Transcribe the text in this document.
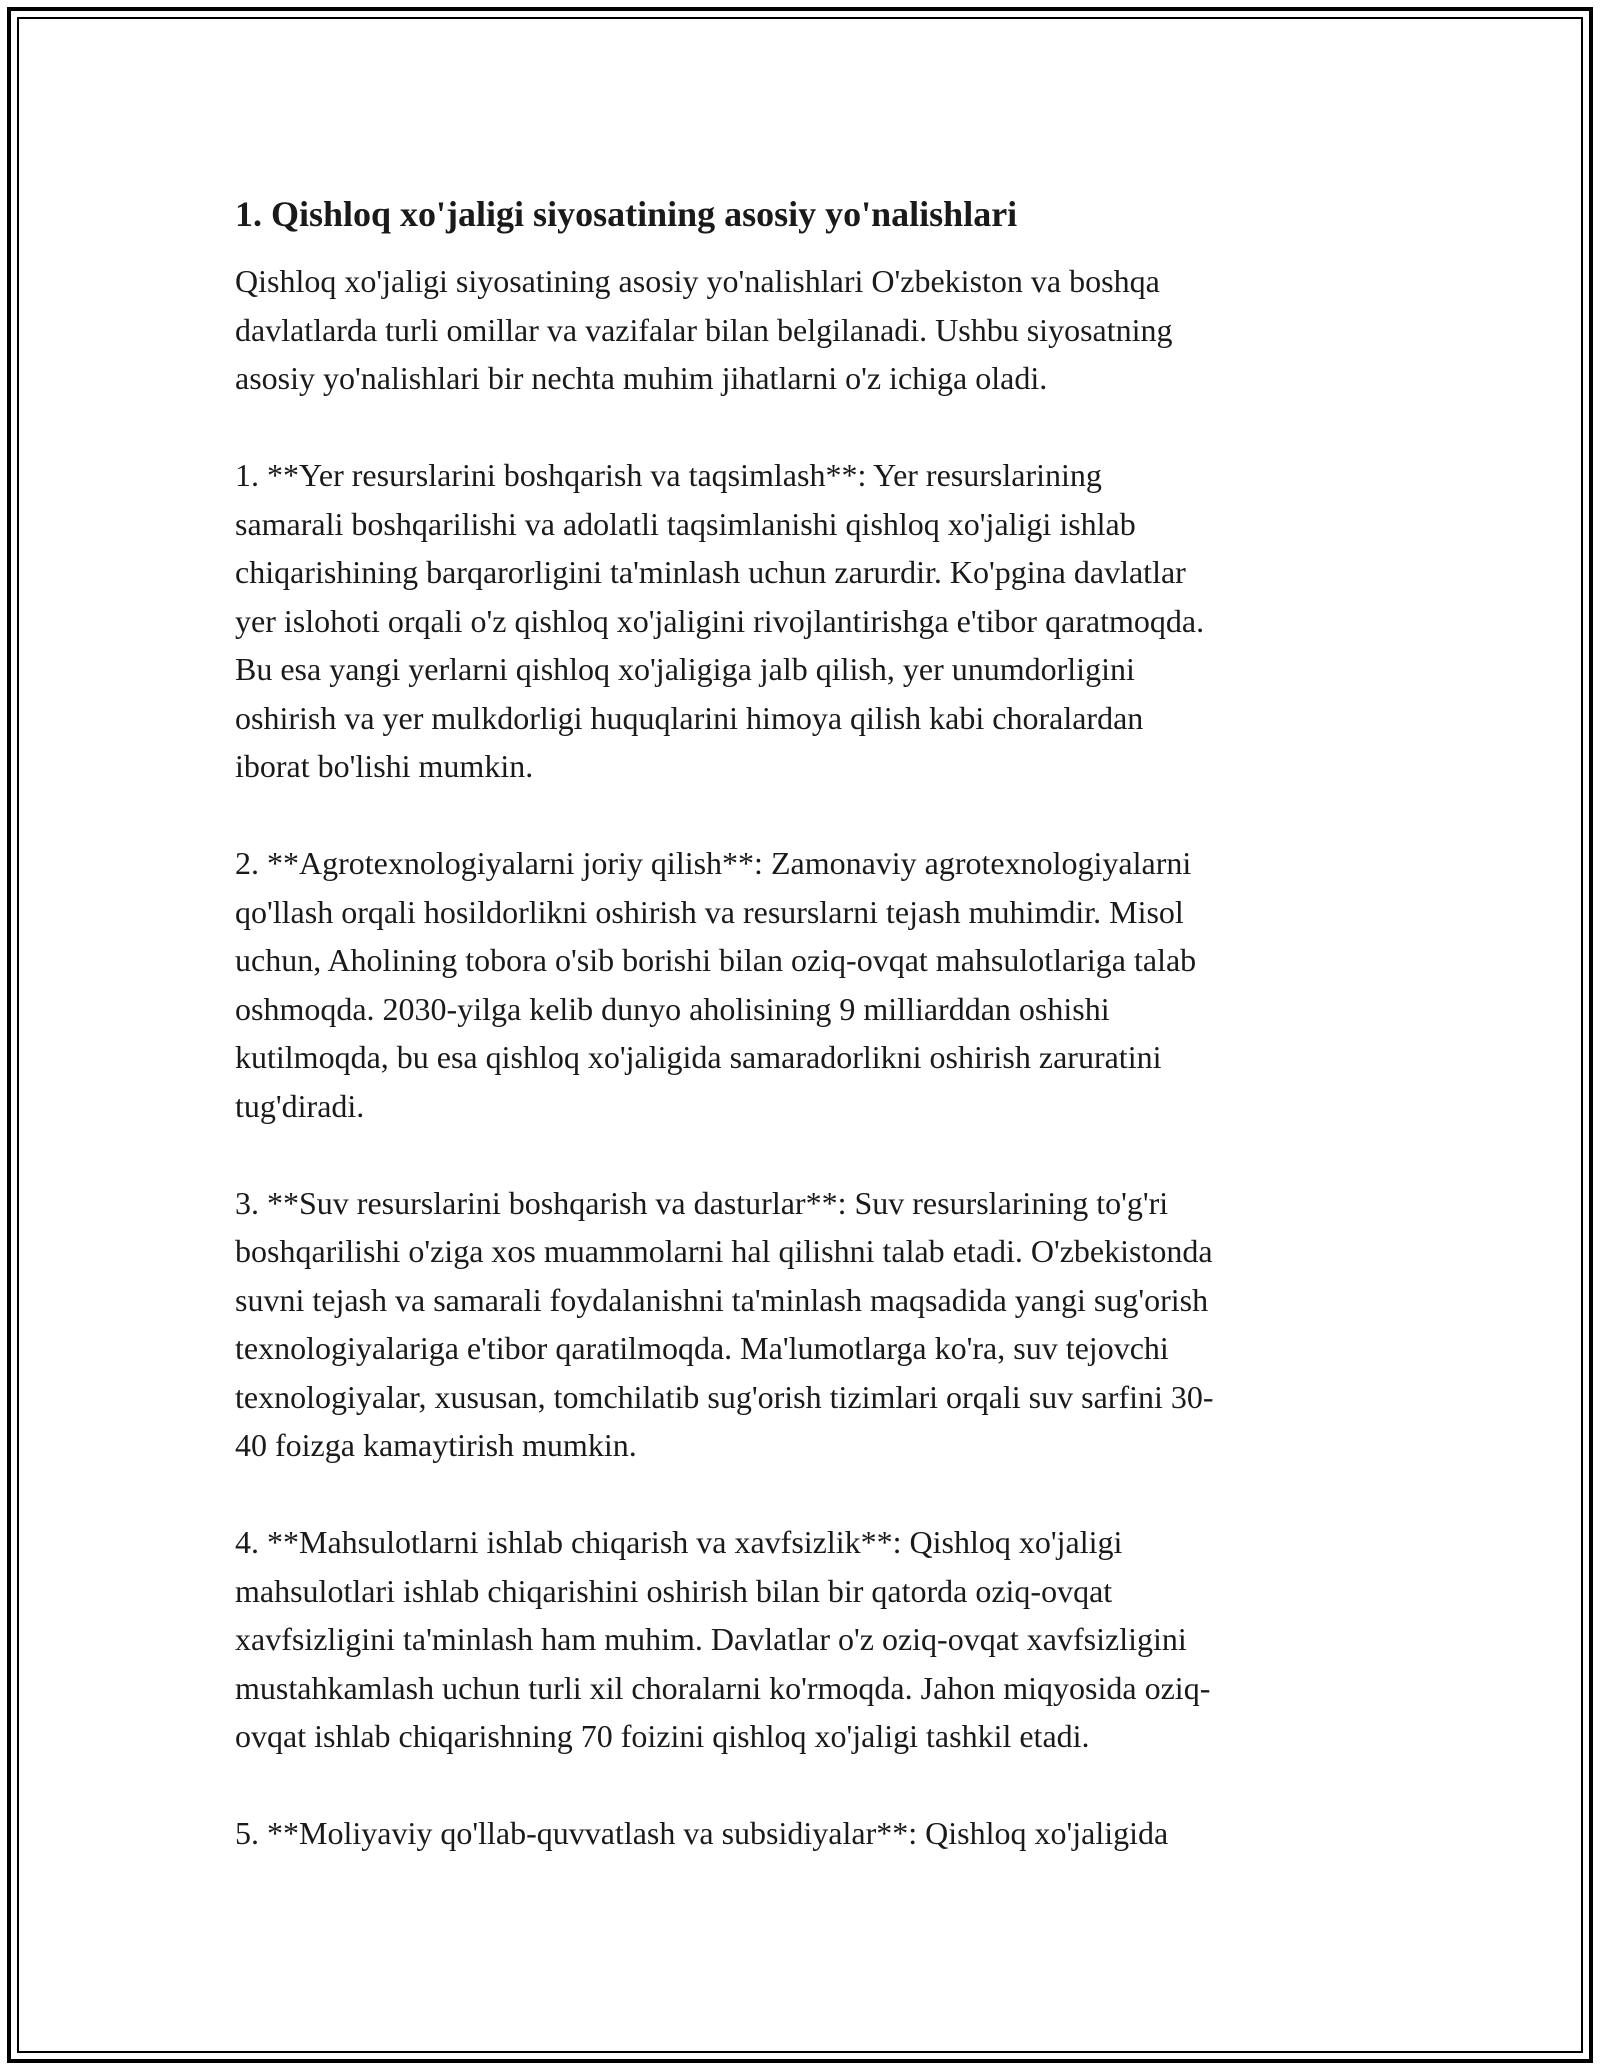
1. Qishloq xo'jaligi siyosatining asosiy yo'nalishlari

Qishloq xo'jaligi siyosatining asosiy yo'nalishlari O'zbekiston va boshqa
davlatlarda turli omillar va vazifalar bilan belgilanadi. Ushbu siyosatning
asosiy yo'nalishlari bir nechta muhim jihatlarni o'z ichiga oladi.

1. **Yer resurslarini boshqarish va taqsimlash**: Yer resurslarining
samarali boshqarilishi va adolatli taqsimlanishi qishloq xo'jaligi ishlab
chiqarishining barqarorligini ta'minlash uchun zarurdir. Ko'pgina davlatlar
yer islohoti orqali o'z qishloq xo'jaligini rivojlantirishga e'tibor qaratmoqda.
Bu esa yangi yerlarni qishloq xo'jaligiga jalb qilish, yer unumdorligini
oshirish va yer mulkdorligi huquqlarini himoya qilish kabi choralardan
iborat bo'lishi mumkin.

2. **Agrotexnologiyalarni joriy qilish**: Zamonaviy agrotexnologiyalarni
qo'llash orqali hosildorlikni oshirish va resurslarni tejash muhimdir. Misol
uchun, Aholining tobora o'sib borishi bilan oziq-ovqat mahsulotlariga talab
oshmoqda. 2030-yilga kelib dunyo aholisining 9 milliarddan oshishi
kutilmoqda, bu esa qishloq xo'jaligida samaradorlikni oshirish zaruratini
tug'diradi.

3. **Suv resurslarini boshqarish va dasturlar**: Suv resurslarining to'g'ri
boshqarilishi o'ziga xos muammolarni hal qilishni talab etadi. O'zbekistonda
suvni tejash va samarali foydalanishni ta'minlash maqsadida yangi sug'orish
texnologiyalariga e'tibor qaratilmoqda. Ma'lumotlarga ko'ra, suv tejovchi
texnologiyalar, xususan, tomchilatib sug'orish tizimlari orqali suv sarfini 30-
40 foizga kamaytirish mumkin.

4. **Mahsulotlarni ishlab chiqarish va xavfsizlik**: Qishloq xo'jaligi
mahsulotlari ishlab chiqarishini oshirish bilan bir qatorda oziq-ovqat
xavfsizligini ta'minlash ham muhim. Davlatlar o'z oziq-ovqat xavfsizligini
mustahkamlash uchun turli xil choralarni ko'rmoqda. Jahon miqyosida oziq-
ovqat ishlab chiqarishning 70 foizini qishloq xo'jaligi tashkil etadi.

5. **Moliyaviy qo'llab-quvvatlash va subsidiyalar**: Qishloq xo'jaligida
